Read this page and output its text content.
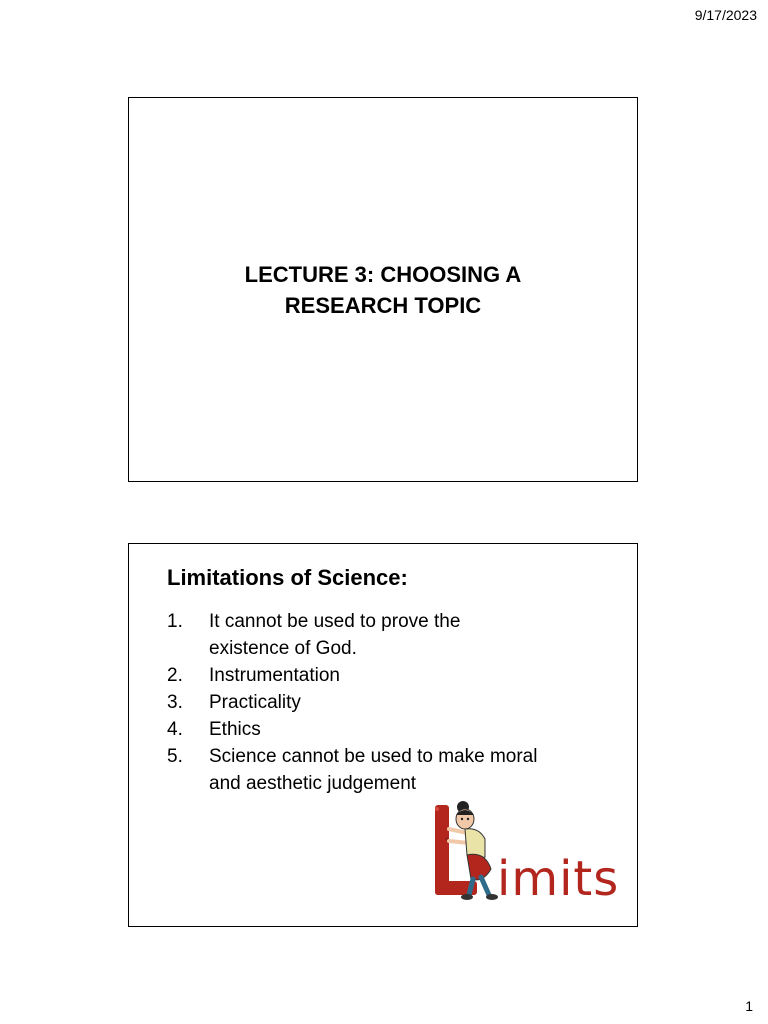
9/17/2023
LECTURE 3: CHOOSING A
RESEARCH TOPIC
Limitations of Science:
1. It cannot be used to prove the
existence of God.
2. Instrumentation
3. Practicality
4. Ethics
5. Science cannot be used to make moral
and aesthetic judgement
imits
1
